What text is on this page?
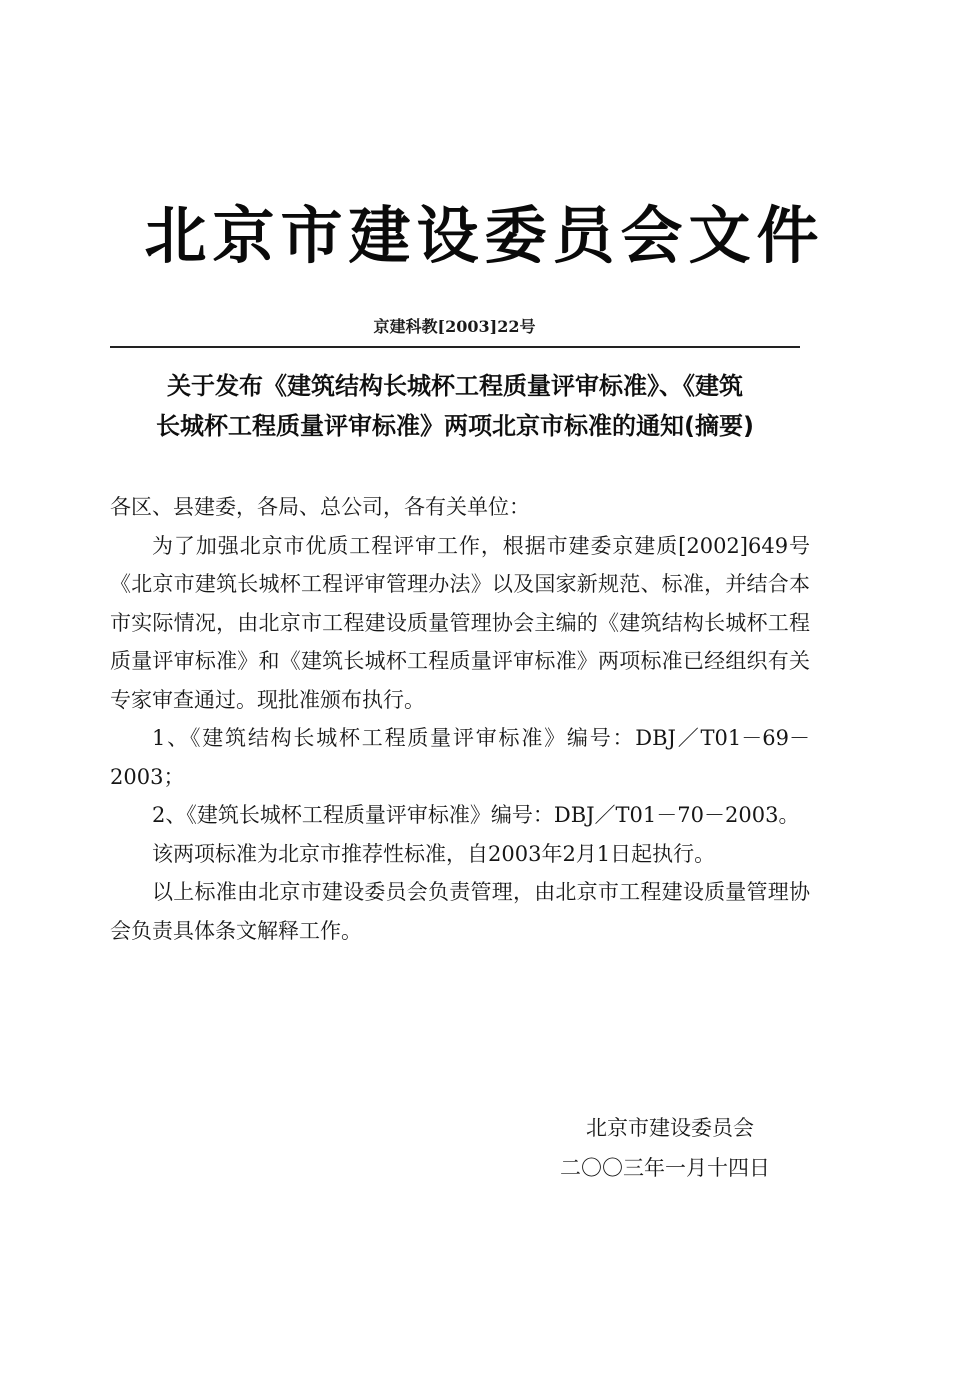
北京市建设委员会文件
京建科教[2003]22号
关于发布《建筑结构长城杯工程质量评审标准》、《建筑
长城杯工程质量评审标准》两项北京市标准的通知(摘要)

各区、县建委，各局、总公司，各有关单位：

为了加强北京市优质工程评审工作，根据市建委京建质[2002]649号《北京市建筑长城杯工程评审管理办法》以及国家新规范、标准，并结合本市实际情况，由北京市工程建设质量管理协会主编的《建筑结构长城杯工程质量评审标准》和《建筑长城杯工程质量评审标准》两项标准已经组织有关专家审查通过。现批准颁布执行。

1、《建筑结构长城杯工程质量评审标准》编号：DBJ／T01－69－2003；

2、《建筑长城杯工程质量评审标准》编号：DBJ／T01－70－2003。

该两项标准为北京市推荐性标准，自2003年2月1日起执行。

以上标准由北京市建设委员会负责管理，由北京市工程建设质量管理协会负责具体条文解释工作。

北京市建设委员会
二〇〇三年一月十四日
